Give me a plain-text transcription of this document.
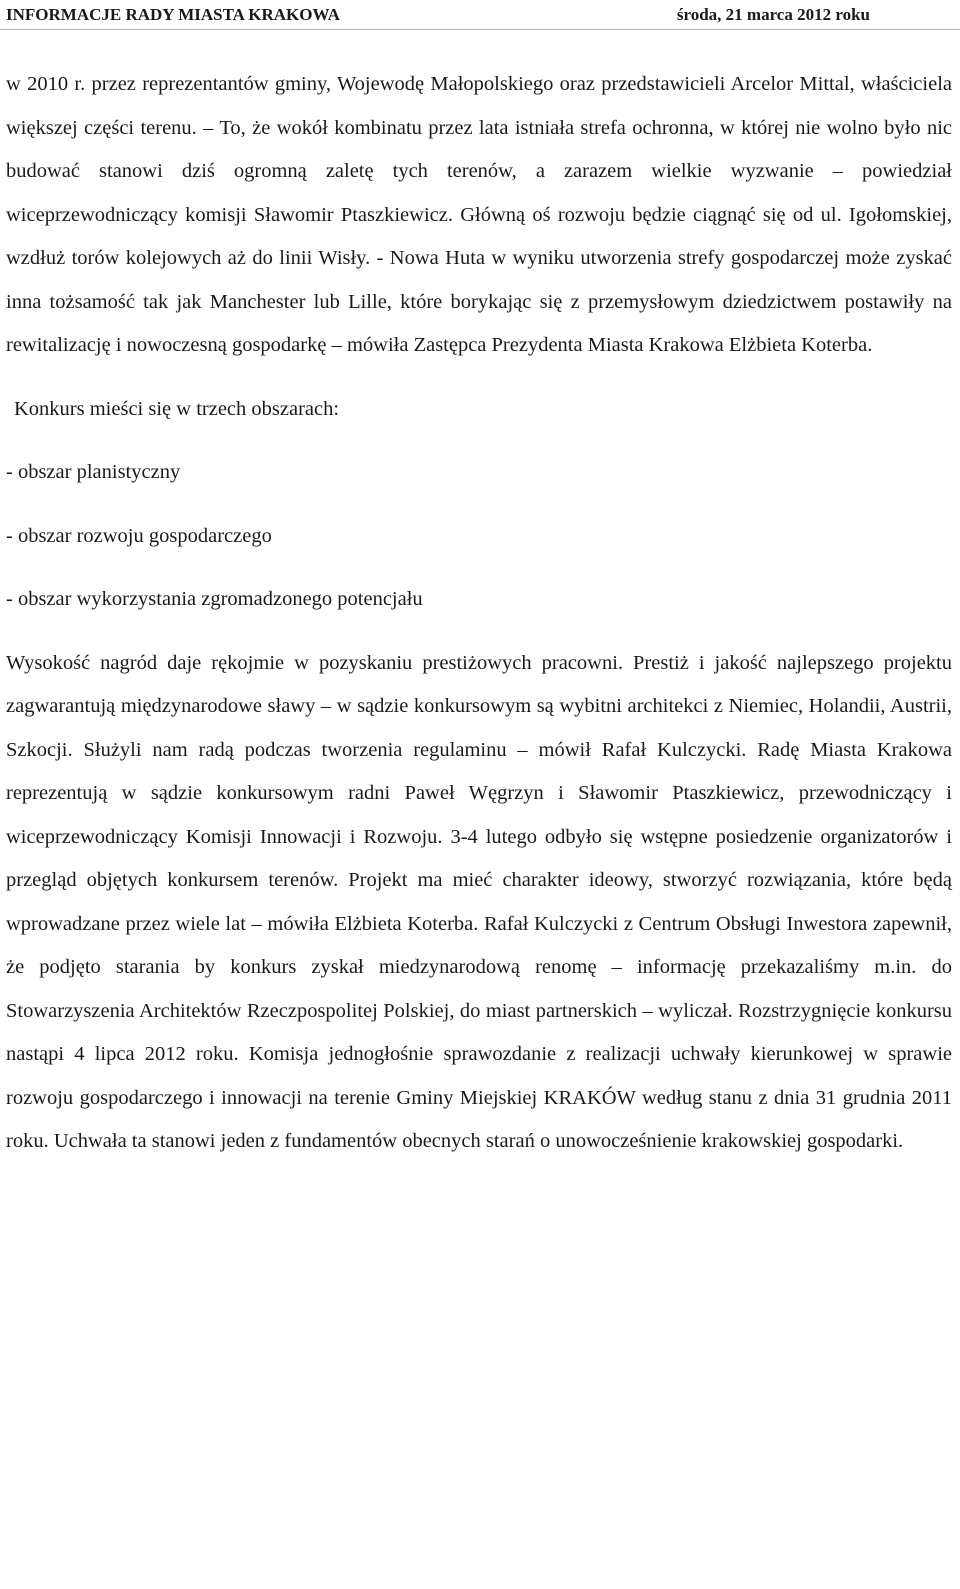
INFORMACJE RADY MIASTA KRAKOWA	środa, 21 marca 2012 roku

w 2010 r. przez reprezentantów gminy, Wojewodę Małopolskiego oraz przedstawicieli Arcelor Mittal, właściciela większej części terenu. – To, że wokół kombinatu przez lata istniała strefa ochronna, w której nie wolno było nic budować stanowi dziś ogromną zaletę tych terenów, a zarazem wielkie wyzwanie – powiedział wiceprzewodniczący komisji Sławomir Ptaszkiewicz. Główną oś rozwoju będzie ciągnąć się od ul. Igołomskiej, wzdłuż torów kolejowych aż do linii Wisły. - Nowa Huta w wyniku utworzenia strefy gospodarczej może zyskać inna tożsamość tak jak Manchester lub Lille, które borykając się z przemysłowym dziedzictwem postawiły na rewitalizację i nowoczesną gospodarkę – mówiła Zastępca Prezydenta Miasta Krakowa Elżbieta Koterba.

Konkurs mieści się w trzech obszarach:

- obszar planistyczny

- obszar rozwoju gospodarczego

- obszar wykorzystania zgromadzonego potencjału

Wysokość nagród daje rękojmie w pozyskaniu prestiżowych pracowni. Prestiż i jakość najlepszego projektu zagwarantują międzynarodowe sławy – w sądzie konkursowym są wybitni architekci z Niemiec, Holandii, Austrii, Szkocji. Służyli nam radą podczas tworzenia regulaminu – mówił Rafał Kulczycki. Radę Miasta Krakowa reprezentują w sądzie konkursowym radni Paweł Węgrzyn i Sławomir Ptaszkiewicz, przewodniczący i wiceprzewodniczący Komisji Innowacji i Rozwoju. 3-4 lutego odbyło się wstępne posiedzenie organizatorów i przegląd objętych konkursem terenów. Projekt ma mieć charakter ideowy, stworzyć rozwiązania, które będą wprowadzane przez wiele lat – mówiła Elżbieta Koterba. Rafał Kulczycki z Centrum Obsługi Inwestora zapewnił, że podjęto starania by konkurs zyskał miedzynarodową renomę – informację przekazaliśmy m.in. do Stowarzyszenia Architektów Rzeczpospolitej Polskiej, do miast partnerskich – wyliczał. Rozstrzygnięcie konkursu nastąpi 4 lipca 2012 roku. Komisja jednogłośnie sprawozdanie z realizacji uchwały kierunkowej w sprawie rozwoju gospodarczego i innowacji na terenie Gminy Miejskiej KRAKÓW według stanu z dnia 31 grudnia 2011 roku. Uchwała ta stanowi jeden z fundamentów obecnych starań o unowocześnienie krakowskiej gospodarki.
